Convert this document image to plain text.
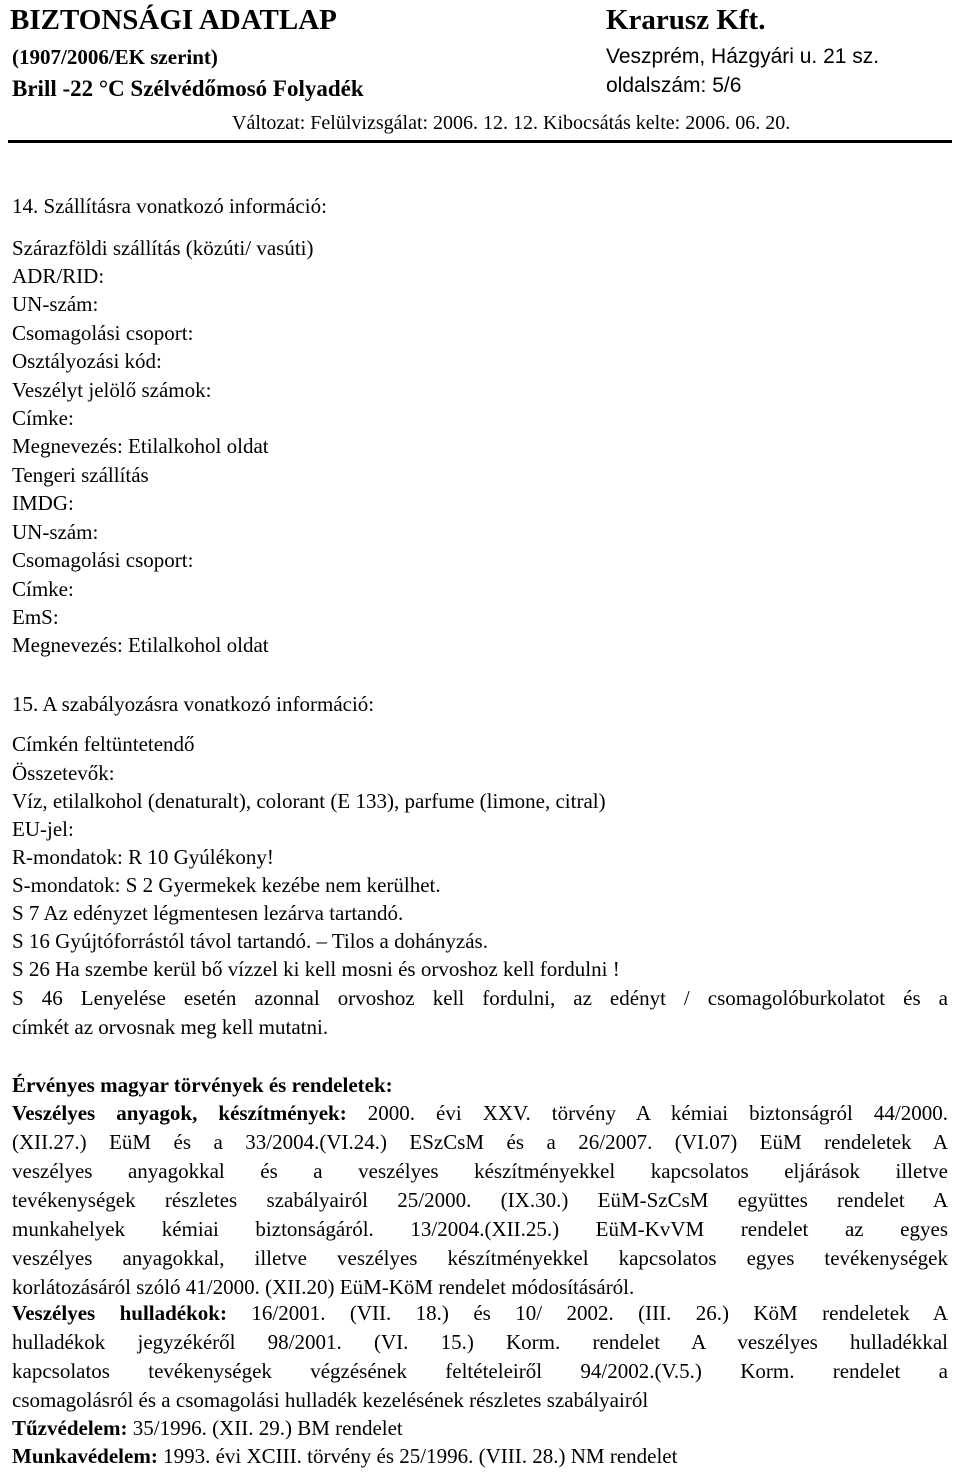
BIZTONSÁGI ADATLAP	Krarusz Kft.
(1907/2006/EK szerint)	Veszprém, Házgyári u. 21 sz.
Brill -22 °C Szélvédőmosó Folyadék	oldalszám: 5/6
Változat: Felülvizsgálat: 2006. 12. 12. Kibocsátás kelte: 2006. 06. 20.
14. Szállításra vonatkozó információ:
Szárazföldi szállítás (közúti/ vasúti)
ADR/RID:
UN-szám:
Csomagolási csoport:
Osztályozási kód:
Veszélyt jelölő számok:
Címke:
Megnevezés: Etilalkohol oldat
Tengeri szállítás
IMDG:
UN-szám:
Csomagolási csoport:
Címke:
EmS:
Megnevezés: Etilalkohol oldat
15. A szabályozásra vonatkozó információ:
Címkén feltüntetendő
Összetevők:
Víz, etilalkohol (denaturalt), colorant (E 133), parfume (limone, citral)
EU-jel:
R-mondatok: R 10 Gyúlékony!
S-mondatok: S 2 Gyermekek kezébe nem kerülhet.
S 7 Az edényzet légmentesen lezárva tartandó.
S 16 Gyújtóforrástól távol tartandó. – Tilos a dohányzás.
S 26 Ha szembe kerül bő vízzel ki kell mosni és orvoshoz kell fordulni !
S 46 Lenyelése esetén azonnal orvoshoz kell fordulni, az edényt / csomagolóburkolatot és a
címkét az orvosnak meg kell mutatni.
Érvényes magyar törvények és rendeletek:
Veszélyes anyagok, készítmények: 2000. évi XXV. törvény A kémiai biztonságról 44/2000.
(XII.27.) EüM és a 33/2004.(VI.24.) ESzCsM és a 26/2007. (VI.07) EüM rendeletek A
veszélyes anyagokkal és a veszélyes készítményekkel kapcsolatos eljárások illetve
tevékenységek részletes szabályairól 25/2000. (IX.30.) EüM-SzCsM együttes rendelet A
munkahelyek kémiai biztonságáról. 13/2004.(XII.25.) EüM-KvVM rendelet az egyes
veszélyes anyagokkal, illetve veszélyes készítményekkel kapcsolatos egyes tevékenységek
korlátozásáról szóló 41/2000. (XII.20) EüM-KöM rendelet módosításáról.
Veszélyes hulladékok: 16/2001. (VII. 18.) és 10/ 2002. (III. 26.) KöM rendeletek A
hulladékok jegyzékéről 98/2001. (VI. 15.) Korm. rendelet A veszélyes hulladékkal
kapcsolatos tevékenységek végzésének feltételeiről 94/2002.(V.5.) Korm. rendelet a
csomagolásról és a csomagolási hulladék kezelésének részletes szabályairól
Tűzvédelem: 35/1996. (XII. 29.) BM rendelet
Munkavédelem: 1993. évi XCIII. törvény és 25/1996. (VIII. 28.) NM rendelet
